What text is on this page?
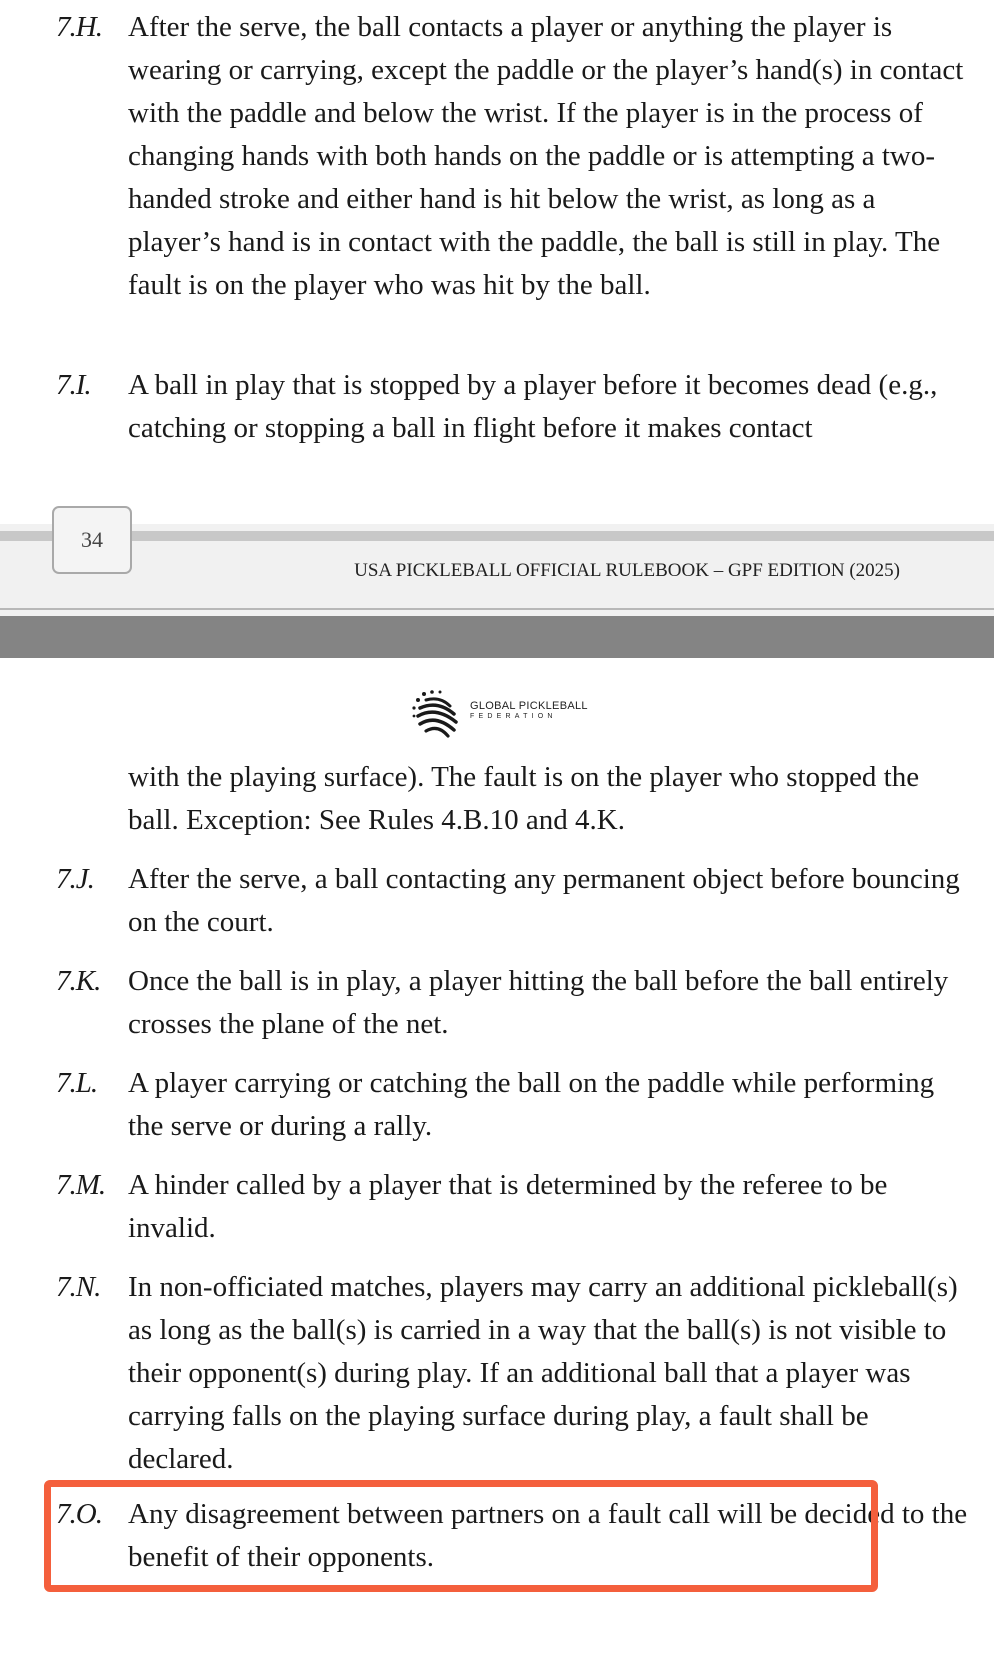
7.H. After the serve, the ball contacts a player or anything the player is wearing or carrying, except the paddle or the player’s hand(s) in contact with the paddle and below the wrist. If the player is in the process of changing hands with both hands on the paddle or is attempting a two-handed stroke and either hand is hit below the wrist, as long as a player’s hand is in contact with the paddle, the ball is still in play. The fault is on the player who was hit by the ball.

7.I. A ball in play that is stopped by a player before it becomes dead (e.g., catching or stopping a ball in flight before it makes contact

34
USA PICKLEBALL OFFICIAL RULEBOOK – GPF EDITION (2025)
GLOBAL PICKLEBALL
FEDERATION

with the playing surface). The fault is on the player who stopped the ball. Exception: See Rules 4.B.10 and 4.K.

7.J. After the serve, a ball contacting any permanent object before bouncing on the court.

7.K. Once the ball is in play, a player hitting the ball before the ball entirely crosses the plane of the net.

7.L. A player carrying or catching the ball on the paddle while performing the serve or during a rally.

7.M. A hinder called by a player that is determined by the referee to be invalid.

7.N. In non-officiated matches, players may carry an additional pickleball(s) as long as the ball(s) is carried in a way that the ball(s) is not visible to their opponent(s) during play. If an additional ball that a player was carrying falls on the playing surface during play, a fault shall be declared.

7.O. Any disagreement between partners on a fault call will be decided to the benefit of their opponents.
